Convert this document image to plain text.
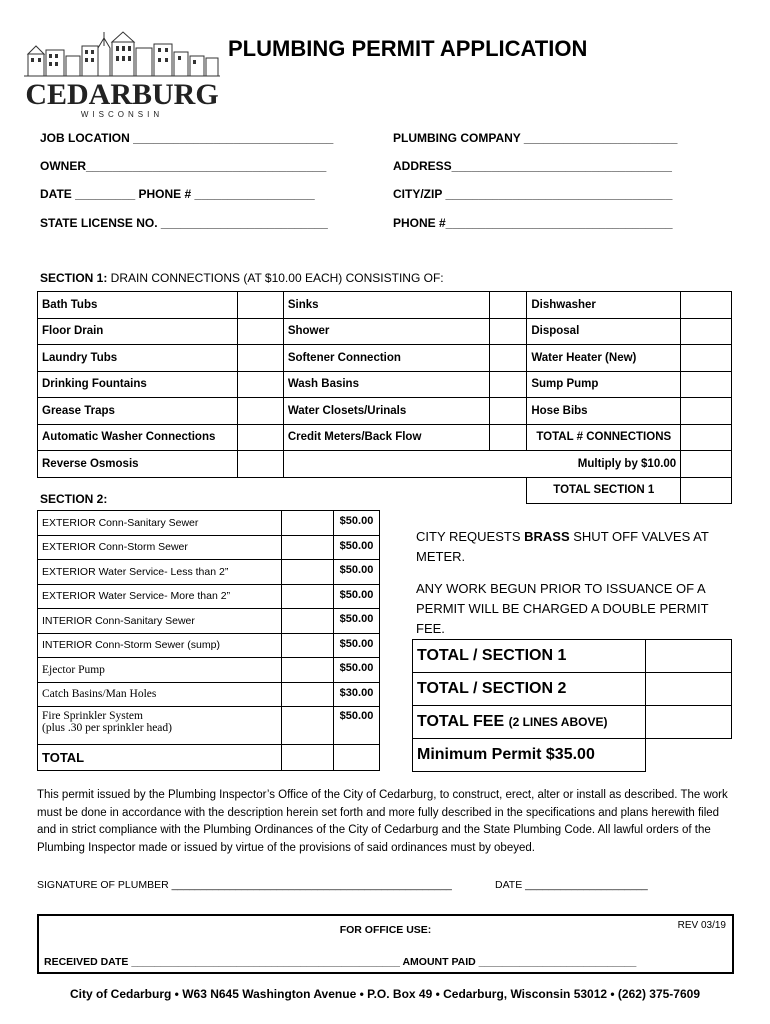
CEDARBURG
WISCONSIN
PLUMBING PERMIT APPLICATION
JOB LOCATION ______________________________
OWNER____________________________________
DATE _________ PHONE # __________________
STATE LICENSE NO. _________________________
PLUMBING COMPANY _______________________
ADDRESS_________________________________
CITY/ZIP __________________________________
PHONE #__________________________________
SECTION 1: DRAIN CONNECTIONS (AT $10.00 EACH) CONSISTING OF:
Bath Tubs		Sinks		Dishwasher	
Floor Drain		Shower		Disposal	
Laundry Tubs		Softener Connection		Water Heater (New)	
Drinking Fountains		Wash Basins		Sump Pump	
Grease Traps		Water Closets/Urinals		Hose Bibs	
Automatic Washer Connections		Credit Meters/Back Flow		TOTAL # CONNECTIONS	
Reverse Osmosis		Multiply by $10.00			
				TOTAL SECTION 1	
SECTION 2:
EXTERIOR Conn-Sanitary Sewer		$50.00
EXTERIOR Conn-Storm Sewer		$50.00
EXTERIOR Water Service- Less than 2”		$50.00
EXTERIOR Water Service- More than 2”		$50.00
INTERIOR Conn-Sanitary Sewer		$50.00
INTERIOR Conn-Storm Sewer (sump)		$50.00
Ejector Pump		$50.00
Catch Basins/Man Holes		$30.00

Fire Sprinkler System
(plus .30 per sprinkler head)		$50.00
TOTAL		
CITY REQUESTS BRASS SHUT OFF VALVES AT METER.
ANY WORK BEGUN PRIOR TO ISSUANCE OF A PERMIT WILL BE CHARGED A DOUBLE PERMIT FEE.
TOTAL / SECTION 1	
TOTAL / SECTION 2	
TOTAL FEE (2 LINES ABOVE)	
Minimum Permit $35.00	
This permit issued by the Plumbing Inspector’s Office of the City of Cedarburg, to construct, erect, alter or install as described. The work must be done in accordance with the description herein set forth and more fully described in the specifications and plans herewith filed and in strict compliance with the Plumbing Ordinances of the City of Cedarburg and the State Plumbing Code. All lawful orders of the Plumbing Inspector made or issued by virtue of the provisions of said ordinances must by obeyed.
SIGNATURE OF PLUMBER ________________________________________________	DATE _____________________
FOR OFFICE USE:	REV 03/19
RECEIVED DATE ______________________________________________ AMOUNT PAID ___________________________
City of Cedarburg • W63 N645 Washington Avenue • P.O. Box 49 • Cedarburg, Wisconsin 53012 • (262) 375-7609
